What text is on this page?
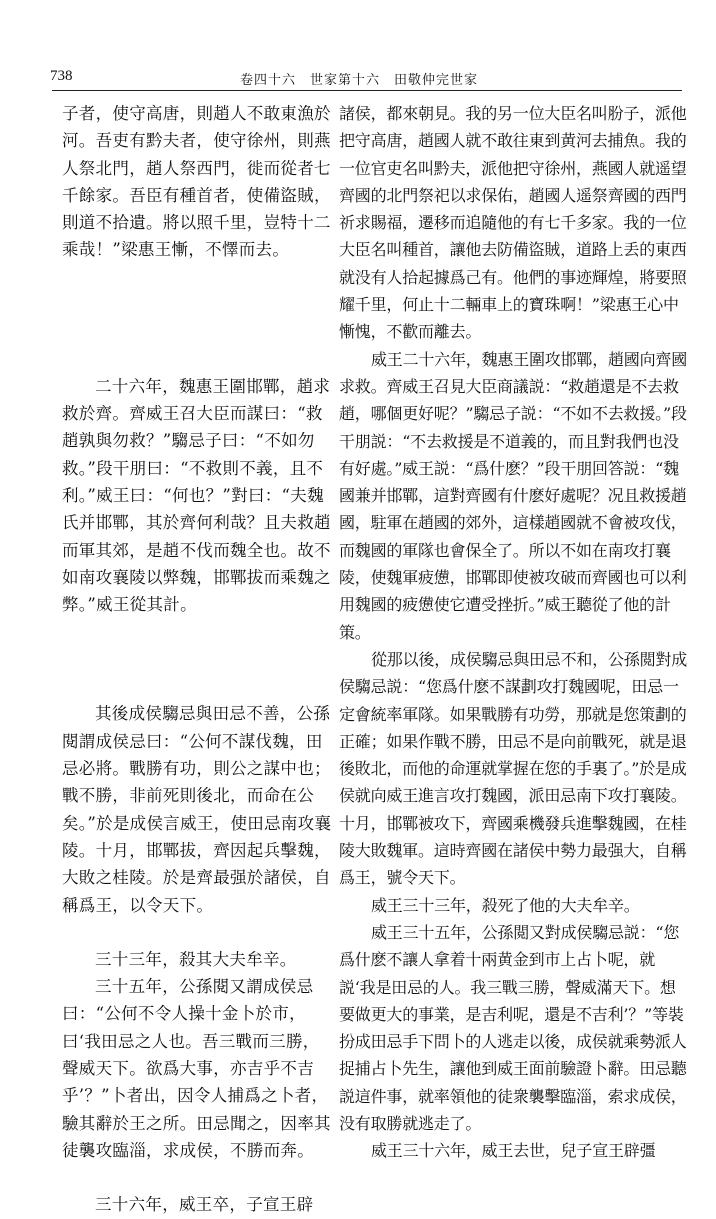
738	卷四十六　世家第十六　田敬仲完世家

子者，使守高唐，則趙人不敢東漁於河。吾吏有黔夫者，使守徐州，則燕人祭北門，趙人祭西門，徙而從者七千餘家。吾臣有種首者，使備盜賊，則道不拾遺。將以照千里，豈特十二乘哉！”梁惠王慚，不懌而去。

二十六年，魏惠王圍邯鄲，趙求救於齊。齊威王召大臣而謀曰：“救趙孰與勿救？”騶忌子曰：“不如勿救。”段干朋曰：“不救則不義，且不利。”威王曰：“何也？”對曰：“夫魏氏并邯鄲，其於齊何利哉？且夫救趙而軍其郊，是趙不伐而魏全也。故不如南攻襄陵以弊魏，邯鄲拔而乘魏之弊。”威王從其計。

其後成侯騶忌與田忌不善，公孫閱謂成侯忌曰：“公何不謀伐魏，田忌必將。戰勝有功，則公之謀中也；戰不勝，非前死則後北，而命在公矣。”於是成侯言威王，使田忌南攻襄陵。十月，邯鄲拔，齊因起兵擊魏，大敗之桂陵。於是齊最强於諸侯，自稱爲王，以令天下。

三十三年，殺其大夫牟辛。

三十五年，公孫閱又謂成侯忌曰：“公何不令人操十金卜於市，曰‘我田忌之人也。吾三戰而三勝，聲威天下。欲爲大事，亦吉乎不吉乎’？”卜者出，因令人捕爲之卜者，驗其辭於王之所。田忌聞之，因率其徒襲攻臨淄，求成侯，不勝而奔。

三十六年，威王卒，子宣王辟

諸侯，都來朝見。我的另一位大臣名叫肦子，派他把守高唐，趙國人就不敢往東到黄河去捕魚。我的一位官吏名叫黔夫，派他把守徐州，燕國人就遥望齊國的北門祭祀以求保佑，趙國人遥祭齊國的西門祈求賜福，遷移而追隨他的有七千多家。我的一位大臣名叫種首，讓他去防備盜賊，道路上丢的東西就没有人拾起據爲己有。他們的事迹輝煌，將要照耀千里，何止十二輛車上的寶珠啊！”梁惠王心中慚愧，不歡而離去。

威王二十六年，魏惠王圍攻邯鄲，趙國向齊國求救。齊威王召見大臣商議説：“救趙還是不去救趙，哪個更好呢？”騶忌子説：“不如不去救援。”段干朋説：“不去救援是不道義的，而且對我們也没有好處。”威王説：“爲什麽？”段干朋回答説：“魏國兼并邯鄲，這對齊國有什麽好處呢？况且救援趙國，駐軍在趙國的郊外，這樣趙國就不會被攻伐，而魏國的軍隊也會保全了。所以不如在南攻打襄陵，使魏軍疲憊，邯鄲即使被攻破而齊國也可以利用魏國的疲憊使它遭受挫折。”威王聽從了他的計策。

從那以後，成侯騶忌與田忌不和，公孫閲對成侯騶忌説：“您爲什麽不謀劃攻打魏國呢，田忌一定會統率軍隊。如果戰勝有功勞，那就是您策劃的正確；如果作戰不勝，田忌不是向前戰死，就是退後敗北，而他的命運就掌握在您的手裏了。”於是成侯就向威王進言攻打魏國，派田忌南下攻打襄陵。十月，邯鄲被攻下，齊國乘機發兵進擊魏國，在桂陵大敗魏軍。這時齊國在諸侯中勢力最强大，自稱爲王，號令天下。

威王三十三年，殺死了他的大夫牟辛。

威王三十五年，公孫閲又對成侯騶忌説：“您爲什麽不讓人拿着十兩黄金到市上占卜呢，就説‘我是田忌的人。我三戰三勝，聲威滿天下。想要做更大的事業，是吉利呢，還是不吉利’？”等裝扮成田忌手下問卜的人逃走以後，成侯就乘勢派人捉捕占卜先生，讓他到威王面前驗證卜辭。田忌聽説這件事，就率領他的徒衆襲擊臨淄，索求成侯，没有取勝就逃走了。

威王三十六年，威王去世，兒子宣王辟彊
